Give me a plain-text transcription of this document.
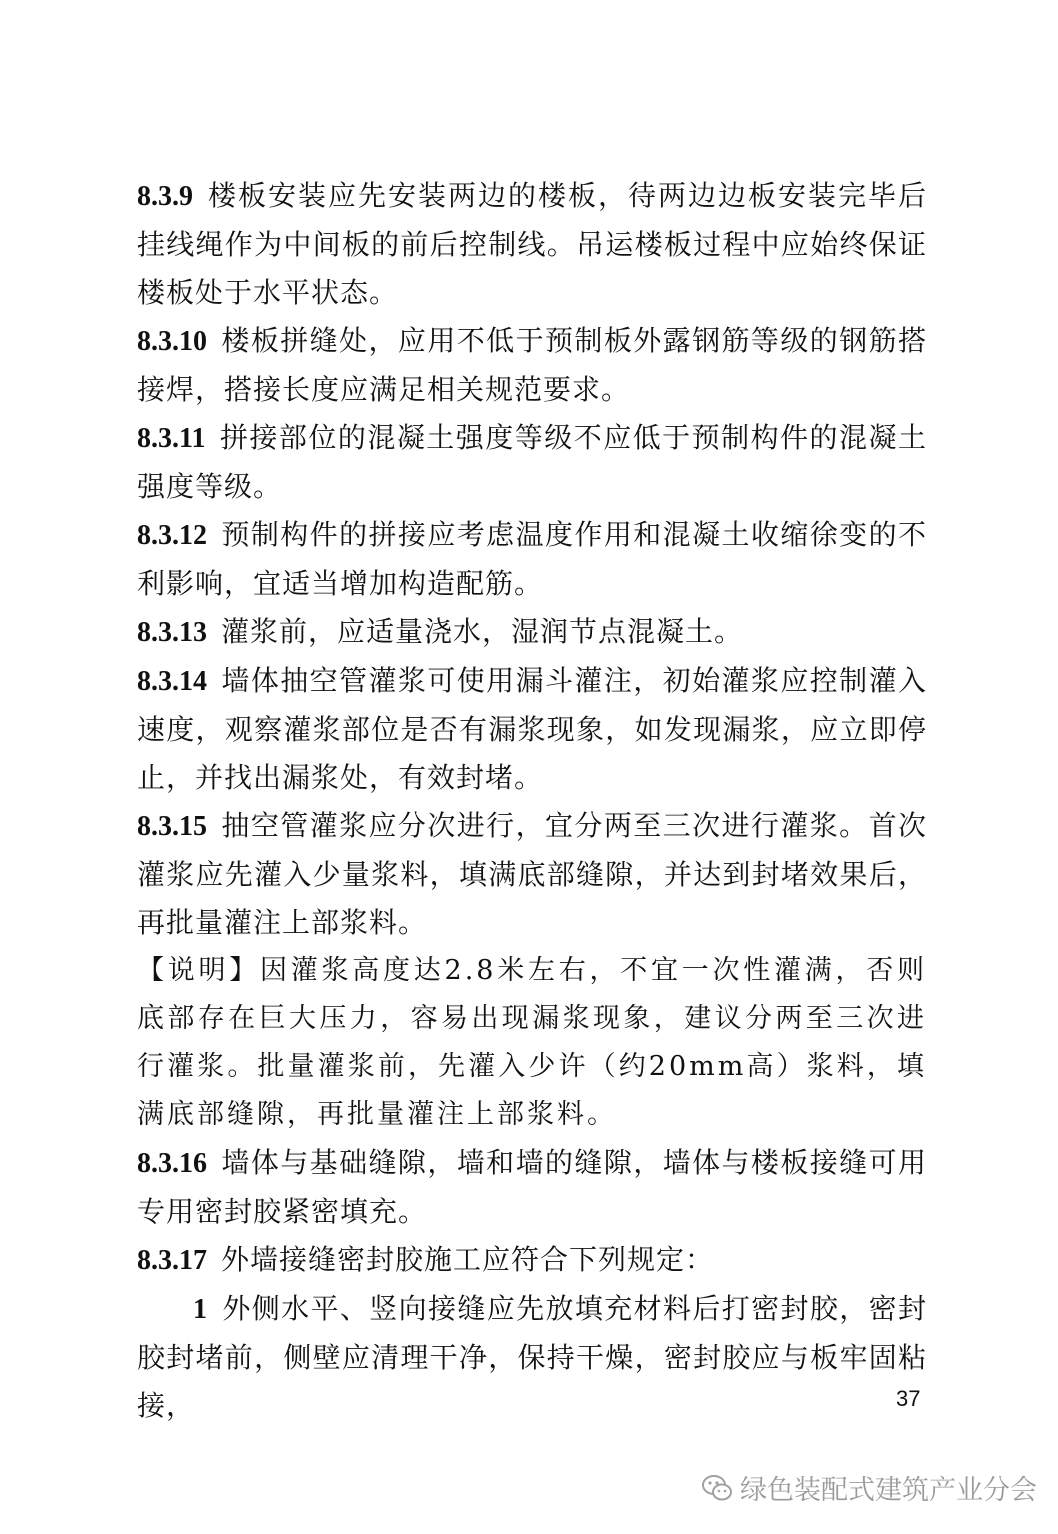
8.3.9 楼板安装应先安装两边的楼板，待两边边板安装完毕后挂线绳作为中间板的前后控制线。吊运楼板过程中应始终保证楼板处于水平状态。

8.3.10 楼板拼缝处，应用不低于预制板外露钢筋等级的钢筋搭接焊，搭接长度应满足相关规范要求。

8.3.11 拼接部位的混凝土强度等级不应低于预制构件的混凝土强度等级。

8.3.12 预制构件的拼接应考虑温度作用和混凝土收缩徐变的不利影响，宜适当增加构造配筋。

8.3.13 灌浆前，应适量浇水，湿润节点混凝土。

8.3.14 墙体抽空管灌浆可使用漏斗灌注，初始灌浆应控制灌入速度，观察灌浆部位是否有漏浆现象，如发现漏浆，应立即停止，并找出漏浆处，有效封堵。

8.3.15 抽空管灌浆应分次进行，宜分两至三次进行灌浆。首次灌浆应先灌入少量浆料，填满底部缝隙，并达到封堵效果后，再批量灌注上部浆料。

【说明】因灌浆高度达2.8米左右，不宜一次性灌满，否则底部存在巨大压力，容易出现漏浆现象，建议分两至三次进行灌浆。批量灌浆前，先灌入少许（约20mm高）浆料，填满底部缝隙，再批量灌注上部浆料。

8.3.16 墙体与基础缝隙，墙和墙的缝隙，墙体与楼板接缝可用专用密封胶紧密填充。

8.3.17 外墙接缝密封胶施工应符合下列规定：

1 外侧水平、竖向接缝应先放填充材料后打密封胶，密封胶封堵前，侧壁应清理干净，保持干燥，密封胶应与板牢固粘接，	37
绿色装配式建筑产业分会
